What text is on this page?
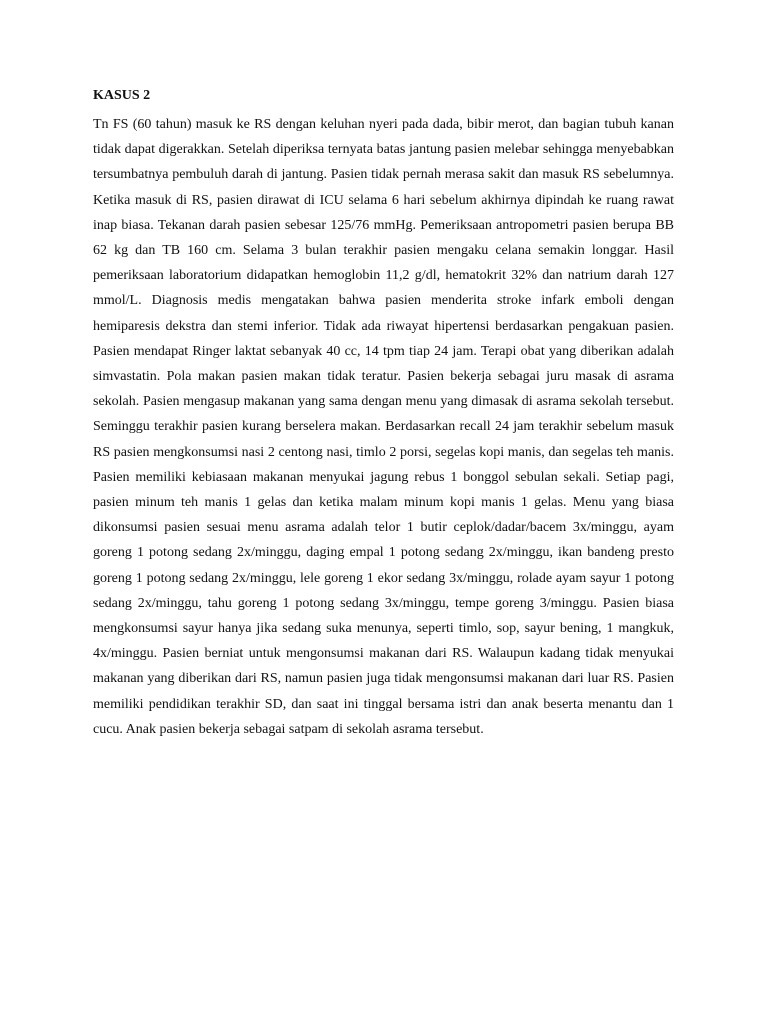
KASUS 2

Tn FS (60 tahun) masuk ke RS dengan keluhan nyeri pada dada, bibir merot, dan bagian tubuh kanan tidak dapat digerakkan. Setelah diperiksa ternyata batas jantung pasien melebar sehingga menyebabkan tersumbatnya pembuluh darah di jantung. Pasien tidak pernah merasa sakit dan masuk RS sebelumnya. Ketika masuk di RS, pasien dirawat di ICU selama 6 hari sebelum akhirnya dipindah ke ruang rawat inap biasa. Tekanan darah pasien sebesar 125/76 mmHg. Pemeriksaan antropometri pasien berupa BB 62 kg dan TB 160 cm. Selama 3 bulan terakhir pasien mengaku celana semakin longgar. Hasil pemeriksaan laboratorium didapatkan hemoglobin 11,2 g/dl, hematokrit 32% dan natrium darah 127 mmol/L. Diagnosis medis mengatakan bahwa pasien menderita stroke infark emboli dengan hemiparesis dekstra dan stemi inferior. Tidak ada riwayat hipertensi berdasarkan pengakuan pasien. Pasien mendapat Ringer laktat sebanyak 40 cc, 14 tpm tiap 24 jam. Terapi obat yang diberikan adalah simvastatin. Pola makan pasien makan tidak teratur. Pasien bekerja sebagai juru masak di asrama sekolah. Pasien mengasup makanan yang sama dengan menu yang dimasak di asrama sekolah tersebut. Seminggu terakhir pasien kurang berselera makan. Berdasarkan recall 24 jam terakhir sebelum masuk RS pasien mengkonsumsi nasi 2 centong nasi, timlo 2 porsi, segelas kopi manis, dan segelas teh manis. Pasien memiliki kebiasaan makanan menyukai jagung rebus 1 bonggol sebulan sekali. Setiap pagi, pasien minum teh manis 1 gelas dan ketika malam minum kopi manis 1 gelas. Menu yang biasa dikonsumsi pasien sesuai menu asrama adalah telor 1 butir ceplok/dadar/bacem 3x/minggu, ayam goreng 1 potong sedang 2x/minggu, daging empal 1 potong sedang 2x/minggu, ikan bandeng presto goreng 1 potong sedang 2x/minggu, lele goreng 1 ekor sedang 3x/minggu, rolade ayam sayur 1 potong sedang 2x/minggu, tahu goreng 1 potong sedang 3x/minggu, tempe goreng 3/minggu. Pasien biasa mengkonsumsi sayur hanya jika sedang suka menunya, seperti timlo, sop, sayur bening, 1 mangkuk, 4x/minggu. Pasien berniat untuk mengonsumsi makanan dari RS. Walaupun kadang tidak menyukai makanan yang diberikan dari RS, namun pasien juga tidak mengonsumsi makanan dari luar RS. Pasien memiliki pendidikan terakhir SD, dan saat ini tinggal bersama istri dan anak beserta menantu dan 1 cucu. Anak pasien bekerja sebagai satpam di sekolah asrama tersebut.
